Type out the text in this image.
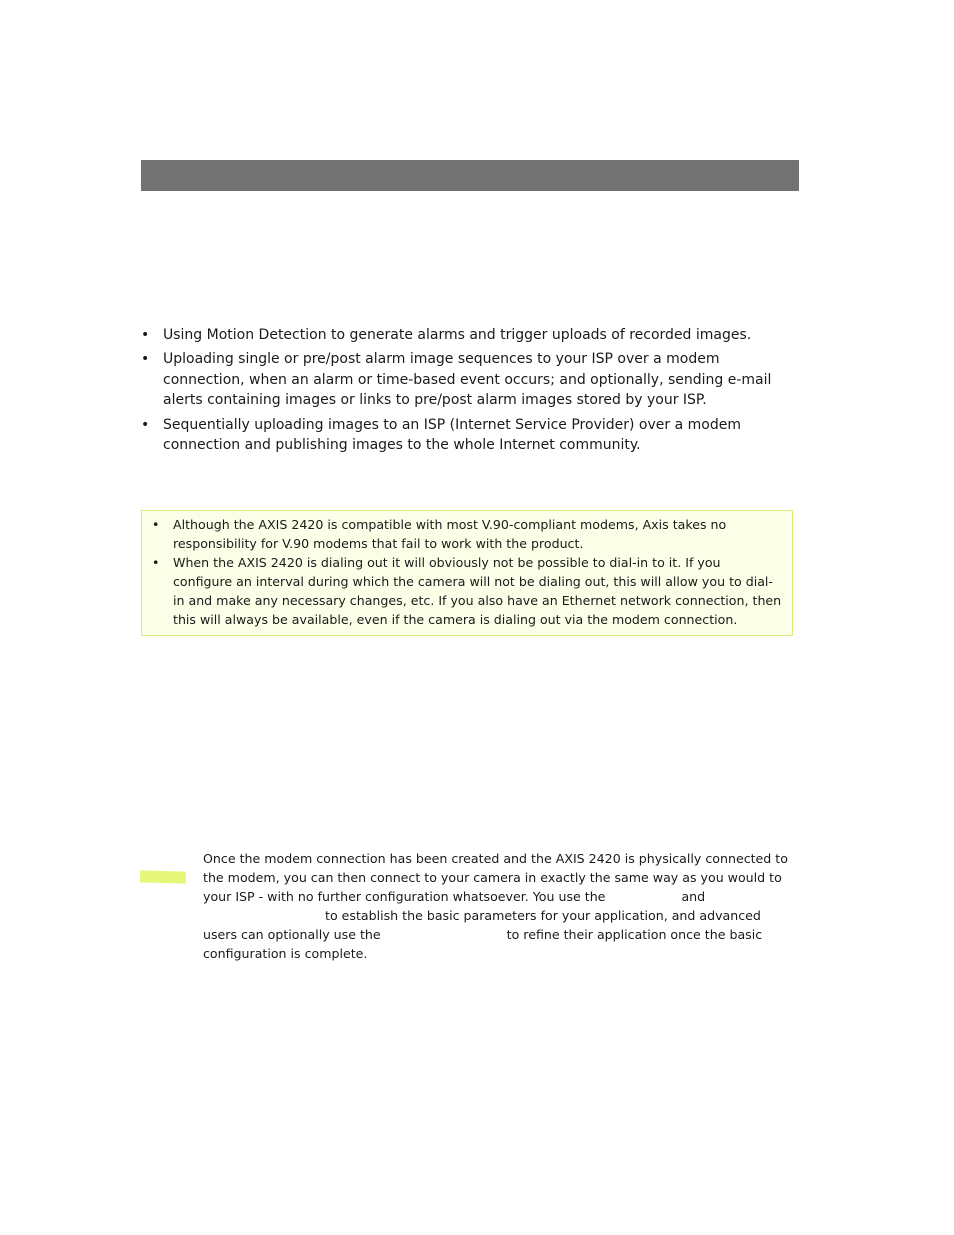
• Using Motion Detection to generate alarms and trigger uploads of recorded images.
• Uploading single or pre/post alarm image sequences to your ISP over a modem connection, when an alarm or time-based event occurs; and optionally, sending e-mail alerts containing images or links to pre/post alarm images stored by your ISP.
• Sequentially uploading images to an ISP (Internet Service Provider) over a modem connection and publishing images to the whole Internet community.
• Although the AXIS 2420 is compatible with most V.90-compliant modems, Axis takes no responsibility for V.90 modems that fail to work with the product.
• When the AXIS 2420 is dialing out it will obviously not be possible to dial-in to it. If you configure an interval during which the camera will not be dialing out, this will allow you to dial-in and make any necessary changes, etc. If you also have an Ethernet network connection, then this will always be available, even if the camera is dialing out via the modem connection.

Once the modem connection has been created and the AXIS 2420 is physically connected to the modem, you can then connect to your camera in exactly the same way as you would to your ISP - with no further configuration whatsoever. You use the	and  to establish the basic parameters for your application, and advanced users can optionally use the	to refine their application once the basic configuration is complete.
